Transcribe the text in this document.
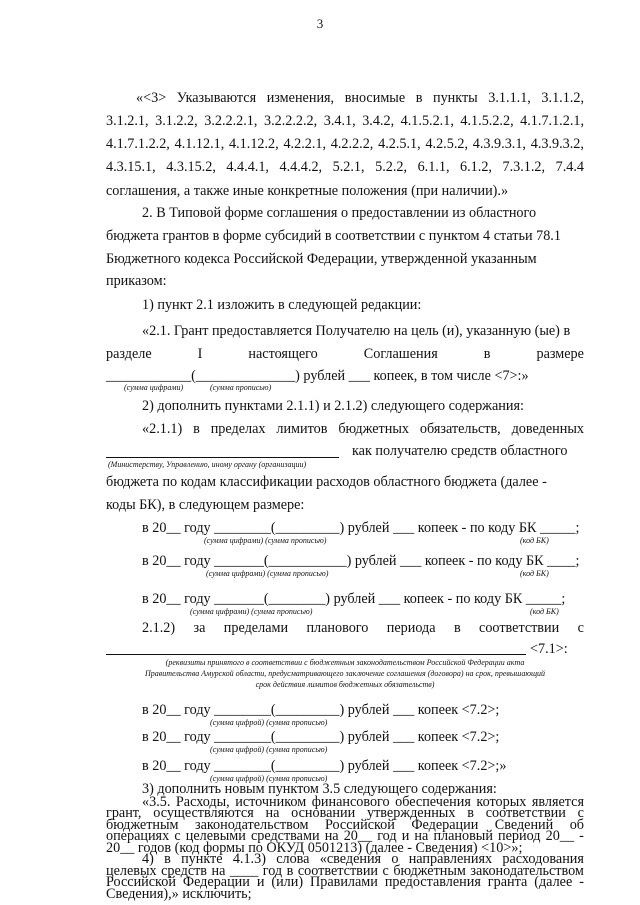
3
«<3> Указываются изменения, вносимые в пункты 3.1.1.1, 3.1.1.2,
3.1.2.1, 3.1.2.2, 3.2.2.2.1, 3.2.2.2.2, 3.4.1, 3.4.2, 4.1.5.2.1, 4.1.5.2.2, 4.1.7.1.2.1,
4.1.7.1.2.2, 4.1.12.1, 4.1.12.2, 4.2.2.1, 4.2.2.2, 4.2.5.1, 4.2.5.2, 4.3.9.3.1, 4.3.9.3.2,
4.3.15.1, 4.3.15.2, 4.4.4.1, 4.4.4.2, 5.2.1, 5.2.2, 6.1.1, 6.1.2, 7.3.1.2, 7.4.4
соглашения, а также иные конкретные положения (при наличии).»
2. В Типовой форме соглашения о предоставлении из областного
бюджета грантов в форме субсидий в соответствии с пунктом 4 статьи 78.1
Бюджетного кодекса Российской Федерации, утвержденной указанным
приказом:
1) пункт 2.1 изложить в следующей редакции:
«2.1. Грант предоставляется Получателю на цель (и), указанную (ые) в
разделе	I	настоящего	Соглашения	в	размере
____________(______________) рублей ___ копеек, в том числе <7>:»
(сумма цифрами)	(сумма прописью)
2) дополнить пунктами 2.1.1) и 2.1.2) следующего содержания:
«2.1.1) в пределах лимитов бюджетных обязательств, доведенных
как получателю средств областного
(Министерству, Управлению, иному органу (организации)
бюджета по кодам классификации расходов областного бюджета (далее -
коды БК), в следующем размере:
в 20__ году ________(_________) рублей ___ копеек - по коду БК _____;
(сумма цифрами) (сумма прописью)	(код БК)
в 20__ году _______(___________) рублей ___ копеек - по коду БК ____;
(сумма цифрами) (сумма прописью)	(код БК)
в 20__ году _______(________) рублей ___ копеек - по коду БК _____;
(сумма цифрами) (сумма прописью)	(код БК)
2.1.2) за пределами планового периода в соответствии с
<7.1>:
(реквизиты принятого в соответствии с бюджетным законодательством Российской Федерации акта
Правительства Амурской области, предусматривающего заключение соглашения (договора) на срок, превышающий
срок действия лимитов бюджетных обязательств)
в 20__ году ________(_________) рублей ___ копеек <7.2>;
(сумма цифрой) (сумма прописью)
в 20__ году ________(_________) рублей ___ копеек <7.2>;
(сумма цифрой) (сумма прописью)
в 20__ году ________(_________) рублей ___ копеек <7.2>;»
(сумма цифрой) (сумма прописью)
3) дополнить новым пунктом 3.5 следующего содержания:
«3.5. Расходы, источником финансового обеспечения которых является
грант, осуществляются на основании утвержденных в соответствии с
бюджетным законодательством Российской Федерации Сведений об
операциях с целевыми средствами на 20__ год и на плановый период 20__ -
20__ годов (код формы по ОКУД 0501213) (далее - Сведения) <10>»;
4) в пункте 4.1.3) слова «сведения о направлениях расходования
целевых средств на ____ год в соответствии с бюджетным законодательством
Российской Федерации и (или) Правилами предоставления гранта (далее -
Сведения),» исключить;
